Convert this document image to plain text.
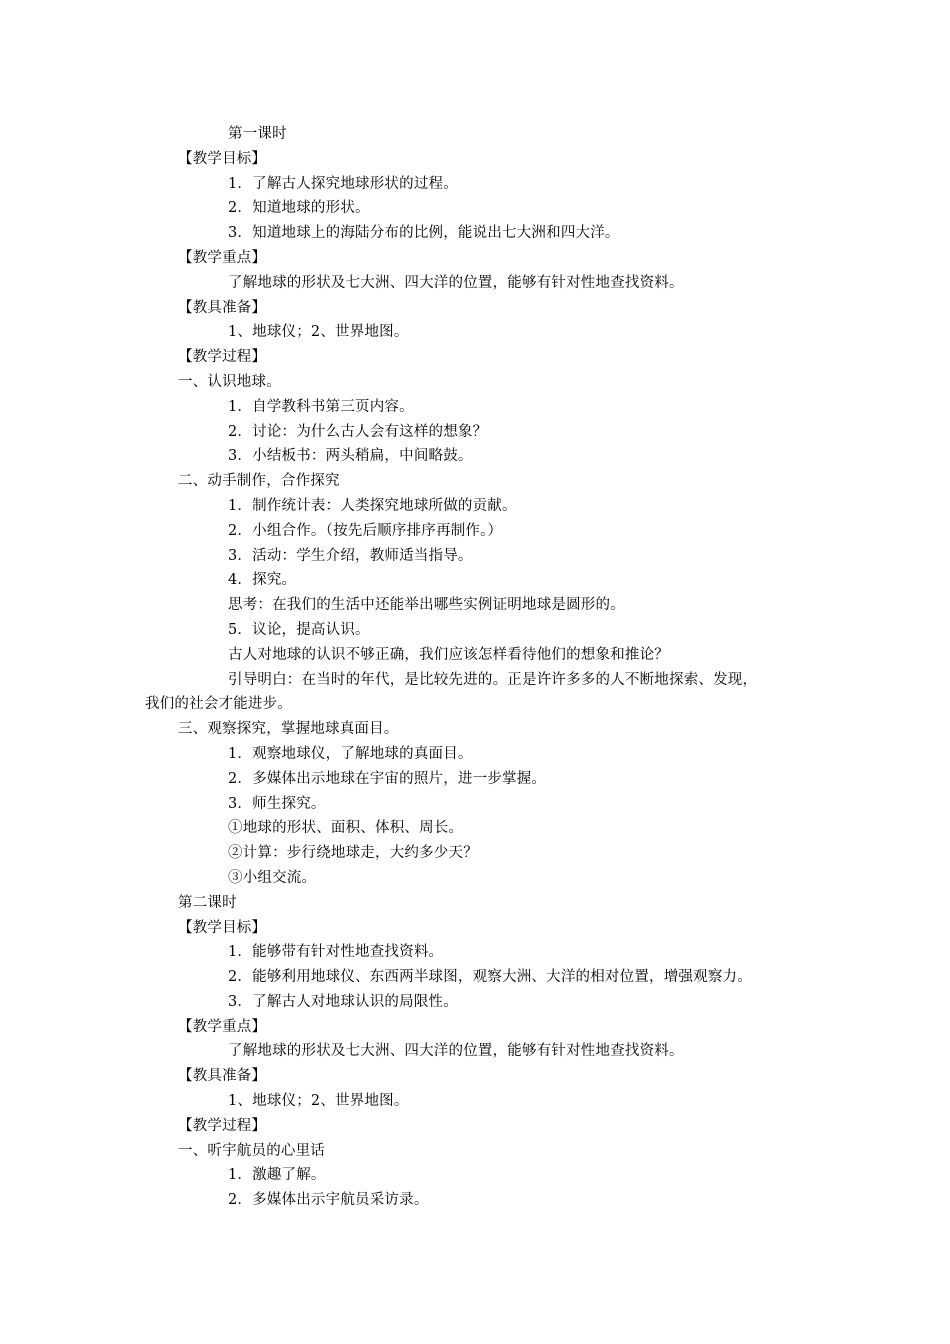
第一课时
【教学目标】
1．了解古人探究地球形状的过程。
2．知道地球的形状。
3．知道地球上的海陆分布的比例，能说出七大洲和四大洋。
【教学重点】
了解地球的形状及七大洲、四大洋的位置，能够有针对性地查找资料。
【教具准备】
1、地球仪；2、世界地图。
【教学过程】
一、认识地球。
1．自学教科书第三页内容。
2．讨论：为什么古人会有这样的想象？
3．小结板书：两头稍扁，中间略鼓。
二、动手制作，合作探究
1．制作统计表：人类探究地球所做的贡献。
2．小组合作。（按先后顺序排序再制作。）
3．活动：学生介绍，教师适当指导。
4．探究。
思考：在我们的生活中还能举出哪些实例证明地球是圆形的。
5．议论，提高认识。
古人对地球的认识不够正确，我们应该怎样看待他们的想象和推论？
引导明白：在当时的年代，是比较先进的。正是许许多多的人不断地探索、发现，
我们的社会才能进步。
三、观察探究，掌握地球真面目。
1．观察地球仪，了解地球的真面目。
2．多媒体出示地球在宇宙的照片，进一步掌握。
3．师生探究。
①地球的形状、面积、体积、周长。
②计算：步行绕地球走，大约多少天？
③小组交流。
第二课时
【教学目标】
1．能够带有针对性地查找资料。
2．能够利用地球仪、东西两半球图，观察大洲、大洋的相对位置，增强观察力。
3．了解古人对地球认识的局限性。
【教学重点】
了解地球的形状及七大洲、四大洋的位置，能够有针对性地查找资料。
【教具准备】
1、地球仪；2、世界地图。
【教学过程】
一、听宇航员的心里话
1．激趣了解。
2．多媒体出示宇航员采访录。
